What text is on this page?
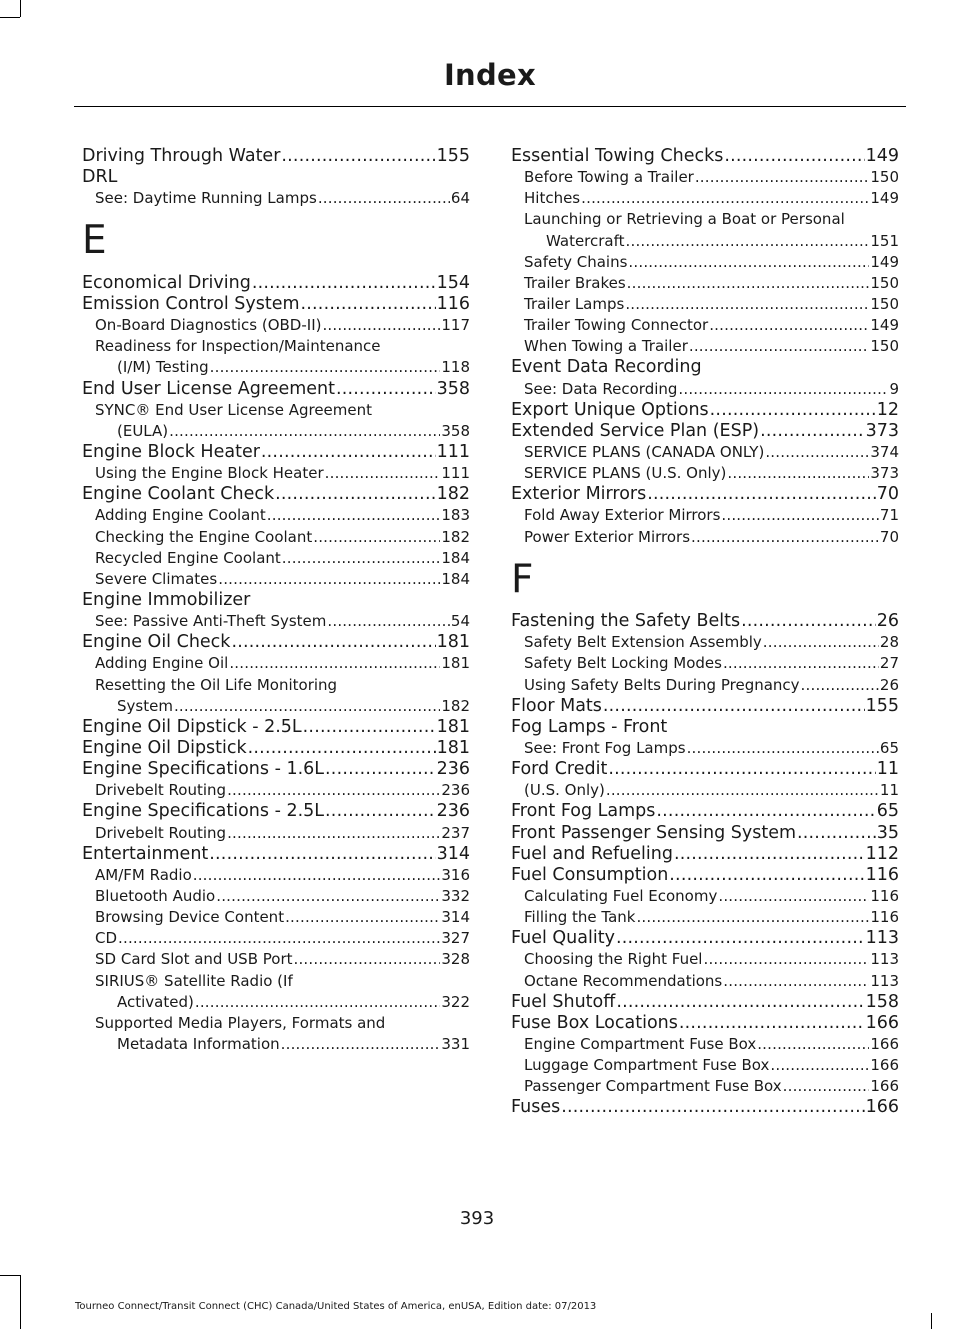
Index
Driving Through Water .....	155
DRL
See: Daytime Running Lamps .....	64
E
Economical Driving .....	154
Emission Control System .....	116
On-Board Diagnostics (OBD-II) .....	117
Readiness for Inspection/Maintenance
(I/M) Testing .....	118
End User License Agreement .....	358
SYNC® End User License Agreement
(EULA) .....	358
Engine Block Heater .....	111
Using the Engine Block Heater .....	111
Engine Coolant Check .....	182
Adding Engine Coolant .....	183
Checking the Engine Coolant .....	182
Recycled Engine Coolant .....	184
Severe Climates .....	184
Engine Immobilizer
See: Passive Anti-Theft System .....	54
Engine Oil Check .....	181
Adding Engine Oil .....	181
Resetting the Oil Life Monitoring
System .....	182
Engine Oil Dipstick - 2.5L .....	181
Engine Oil Dipstick .....	181
Engine Specifications - 1.6L .....	236
Drivebelt Routing .....	236
Engine Specifications - 2.5L .....	236
Drivebelt Routing .....	237
Entertainment .....	314
AM/FM Radio .....	316
Bluetooth Audio .....	332
Browsing Device Content .....	314
CD .....	327
SD Card Slot and USB Port .....	328
SIRIUS® Satellite Radio (If
Activated) .....	322
Supported Media Players, Formats and
Metadata Information .....	331
Essential Towing Checks .....	149
Before Towing a Trailer .....	150
Hitches .....	149
Launching or Retrieving a Boat or Personal
Watercraft .....	151
Safety Chains .....	149
Trailer Brakes .....	150
Trailer Lamps .....	150
Trailer Towing Connector .....	149
When Towing a Trailer .....	150
Event Data Recording
See: Data Recording .....	9
Export Unique Options .....	12
Extended Service Plan (ESP) .....	373
SERVICE PLANS (CANADA ONLY) .....	374
SERVICE PLANS (U.S. Only) .....	373
Exterior Mirrors .....	70
Fold Away Exterior Mirrors .....	71
Power Exterior Mirrors .....	70
F
Fastening the Safety Belts .....	26
Safety Belt Extension Assembly .....	28
Safety Belt Locking Modes .....	27
Using Safety Belts During Pregnancy .....	26
Floor Mats .....	155
Fog Lamps - Front
See: Front Fog Lamps .....	65
Ford Credit .....	11
(U.S. Only) .....	11
Front Fog Lamps .....	65
Front Passenger Sensing System .....	35
Fuel and Refueling .....	112
Fuel Consumption .....	116
Calculating Fuel Economy .....	116
Filling the Tank .....	116
Fuel Quality .....	113
Choosing the Right Fuel .....	113
Octane Recommendations .....	113
Fuel Shutoff .....	158
Fuse Box Locations .....	166
Engine Compartment Fuse Box .....	166
Luggage Compartment Fuse Box .....	166
Passenger Compartment Fuse Box .....	166
Fuses .....	166
393
Tourneo Connect/Transit Connect (CHC) Canada/United States of America, enUSA, Edition date: 07/2013
